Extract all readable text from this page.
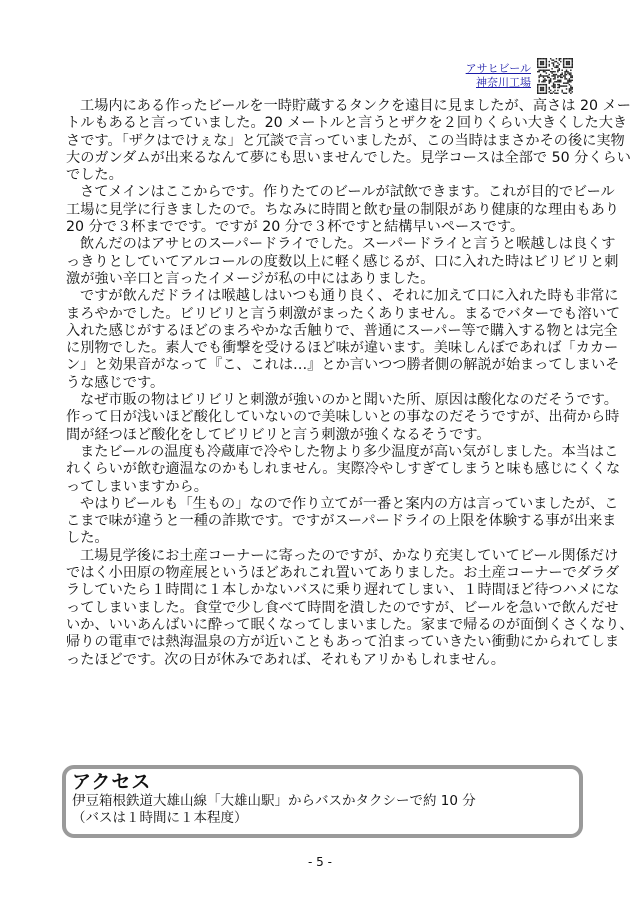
アサヒビール
神奈川工場
工場内にある作ったビールを一時貯蔵するタンクを遠目に見ましたが、高さは 20 メー
トルもあると言っていました。20 メートルと言うとザクを２回りくらい大きくした大き
さです。「ザクはでけぇな」と冗談で言っていましたが、この当時はまさかその後に実物
大のガンダムが出来るなんて夢にも思いませんでした。見学コースは全部で 50 分くらい
でした。
さてメインはここからです。作りたてのビールが試飲できます。これが目的でビール
工場に見学に行きましたので。ちなみに時間と飲む量の制限があり健康的な理由もあり
20 分で３杯までです。ですが 20 分で３杯ですと結構早いペースです。
飲んだのはアサヒのスーパードライでした。スーパードライと言うと喉越しは良くす
っきりとしていてアルコールの度数以上に軽く感じるが、口に入れた時はビリビリと刺
激が強い辛口と言ったイメージが私の中にはありました。
ですが飲んだドライは喉越しはいつも通り良く、それに加えて口に入れた時も非常に
まろやかでした。ビリビリと言う刺激がまったくありません。まるでバターでも溶いて
入れた感じがするほどのまろやかな舌触りで、普通にスーパー等で購入する物とは完全
に別物でした。素人でも衝撃を受けるほど味が違います。美味しんぼであれば「カカー
ン」と効果音がなって『こ、これは…』とか言いつつ勝者側の解説が始まってしまいそ
うな感じです。
なぜ市販の物はビリビリと刺激が強いのかと聞いた所、原因は酸化なのだそうです。
作って日が浅いほど酸化していないので美味しいとの事なのだそうですが、出荷から時
間が経つほど酸化をしてビリビリと言う刺激が強くなるそうです。
またビールの温度も冷蔵庫で冷やした物より多少温度が高い気がしました。本当はこ
れくらいが飲む適温なのかもしれません。実際冷やしすぎてしまうと味も感じにくくな
ってしまいますから。
やはりビールも「生もの」なので作り立てが一番と案内の方は言っていましたが、こ
こまで味が違うと一種の詐欺です。ですがスーパードライの上限を体験する事が出来ま
した。
工場見学後にお土産コーナーに寄ったのですが、かなり充実していてビール関係だけ
ではく小田原の物産展というほどあれこれ置いてありました。お土産コーナーでダラダ
ラしていたら１時間に１本しかないバスに乗り遅れてしまい、１時間ほど待つハメにな
ってしまいました。食堂で少し食べて時間を潰したのですが、ビールを急いで飲んだせ
いか、いいあんばいに酔って眠くなってしまいました。家まで帰るのが面倒くさくなり、
帰りの電車では熱海温泉の方が近いこともあって泊まっていきたい衝動にかられてしま
ったほどです。次の日が休みであれば、それもアリかもしれません。
アクセス
伊豆箱根鉄道大雄山線「大雄山駅」からバスかタクシーで約 10 分
（バスは１時間に１本程度）
- 5 -
